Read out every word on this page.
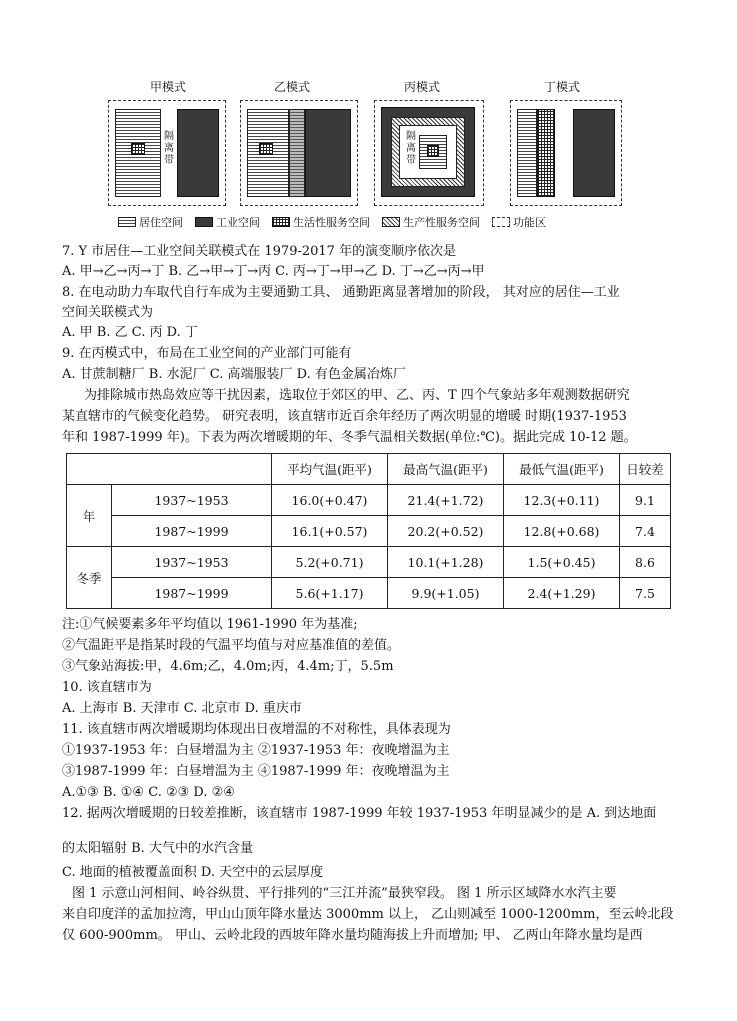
甲模式
隔离带
乙模式	丙模式
隔离带
丁模式
居住空间	工业空间	生活性服务空间	生产性服务空间	功能区
7. Y 市居住—工业空间关联模式在 1979-2017 年的演变顺序依次是
A. 甲→乙→丙→丁 B. 乙→甲→丁→丙 C. 丙→丁→甲→乙 D. 丁→乙→丙→甲
8. 在电动助力车取代自行车成为主要通勤工具、 通勤距离显著增加的阶段， 其对应的居住—工业
空间关联模式为
A. 甲 B. 乙 C. 丙 D. 丁
9. 在丙模式中，布局在工业空间的产业部门可能有
A. 甘蔗制糖厂 B. 水泥厂 C. 高端服装厂 D. 有色金属冶炼厂
为排除城市热岛效应等干扰因素，选取位于郊区的甲、乙、丙、T 四个气象站多年观测数据研究
某直辖市的气候变化趋势。 研究表明，该直辖市近百余年经历了两次明显的增暖 时期(1937-1953
年和 1987-1999 年)。下表为两次增暖期的年、冬季气温相关数据(单位:℃)。据此完成 10-12 题。
		平均气温(距平)	最高气温(距平)	最低气温(距平)	日较差
年	1937~1953	16.0(+0.47)	21.4(+1.72)	12.3(+0.11)	9.1
	1987~1999	16.1(+0.57)	20.2(+0.52)	12.8(+0.68)	7.4
冬季	1937~1953	5.2(+0.71)	10.1(+1.28)	1.5(+0.45)	8.6
	1987~1999	5.6(+1.17)	9.9(+1.05)	2.4(+1.29)	7.5
注:①气候要素多年平均值以 1961-1990 年为基准;
②气温距平是指某时段的气温平均值与对应基准值的差值。
③气象站海拔:甲，4.6m;乙，4.0m;丙，4.4m;丁，5.5m
10. 该直辖市为
A. 上海市 B. 天津市 C. 北京市 D. 重庆市
11. 该直辖市两次增暖期均体现出日夜增温的不对称性，具体表现为
①1937-1953 年：白昼增温为主 ②1937-1953 年：夜晚增温为主
③1987-1999 年：白昼增温为主 ④1987-1999 年：夜晚增温为主
A.①③ B. ①④ C. ②③ D. ②④
12. 据两次增暖期的日较差推断，该直辖市 1987-1999 年较 1937-1953 年明显减少的是 A. 到达地面
的太阳辐射 B. 大气中的水汽含量
C. 地面的植被覆盖面积 D. 天空中的云层厚度
图 1 示意山河相间、岭谷纵贯、平行排列的“三江并流”最狭窄段。 图 1 所示区域降水水汽主要
来自印度洋的孟加拉湾，甲山山顶年降水量达 3000mm 以上， 乙山则减至 1000-1200mm，至云岭北段
仅 600-900mm。 甲山、云岭北段的西坡年降水量均随海拔上升而增加; 甲、 乙两山年降水量均是西
